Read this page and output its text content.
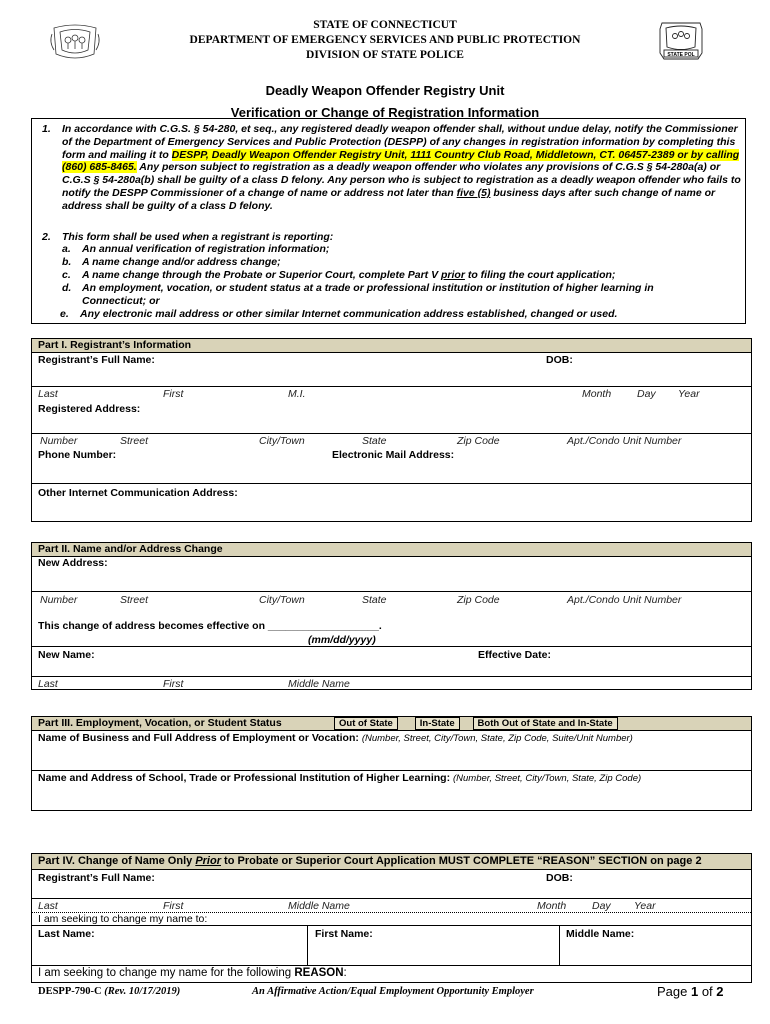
STATE POL
STATE OF CONNECTICUT
DEPARTMENT OF EMERGENCY SERVICES AND PUBLIC PROTECTION
DIVISION OF STATE POLICE
Deadly Weapon Offender Registry Unit
Verification or Change of Registration Information

1.	In accordance with C.G.S. § 54-280, et seq., any registered deadly weapon offender shall, without undue delay, notify the Commissioner of the Department of Emergency Services and Public Protection (DESPP) of any changes in registration information by completing this form and mailing it to DESPP, Deadly Weapon Offender Registry Unit, 1111 Country Club Road, Middletown, CT. 06457-2389 or by calling (860) 685-8465. Any person subject to registration as a deadly weapon offender who violates any provisions of C.G.S § 54-280a(a) or C.G.S § 54-280a(b) shall be guilty of a class D felony. Any person who is subject to registration as a deadly weapon offender who fails to notify the DESPP Commissioner of a change of name or address not later than five (5) business days after such change of name or address shall be guilty of a class D felony.

2.	This form shall be used when a registrant is reporting:

a.	An annual verification of registration information;

b.	A name change and/or address change;

c.	A name change through the Probate or Superior Court, complete Part V prior to filing the court application;

d.	An employment, vocation, or student status at a trade or professional institution or institution of higher learning in Connecticut; or

e.	Any electronic mail address or other similar Internet communication address established, changed or used.

Part I. Registrant’s Information
Registrant’s Full Name:	DOB:
Last	First	M.I.	Month Day Year
Registered Address:
Number	Street	City/Town	State	Zip Code	Apt./Condo Unit Number
Phone Number:	Electronic Mail Address:
Other Internet Communication Address:
Part II. Name and/or Address Change
New Address:
Number	Street	City/Town	State	Zip Code	Apt./Condo Unit Number
This change of address becomes effective on ___________________.
(mm/dd/yyyy)
New Name:	Effective Date:
Last	First	Middle Name
Part III. Employment, Vocation, or Student Status	Out of State	In-State Both Out of State and In-State
Name of Business and Full Address of Employment or Vocation: (Number, Street, City/Town, State, Zip Code, Suite/Unit Number)
Name and Address of School, Trade or Professional Institution of Higher Learning: (Number, Street, City/Town, State, Zip Code)
Part IV. Change of Name Only Prior to Probate or Superior Court Application MUST COMPLETE “REASON” SECTION on page 2
Registrant’s Full Name:	DOB:
Last	First	Middle Name	Month Day Year
I am seeking to change my name to:
Last Name:	First Name:	Middle Name:
I am seeking to change my name for the following REASON:
DESPP-790-C (Rev. 10/17/2019)	An Affirmative Action/Equal Employment Opportunity Employer	Page 1 of 2
